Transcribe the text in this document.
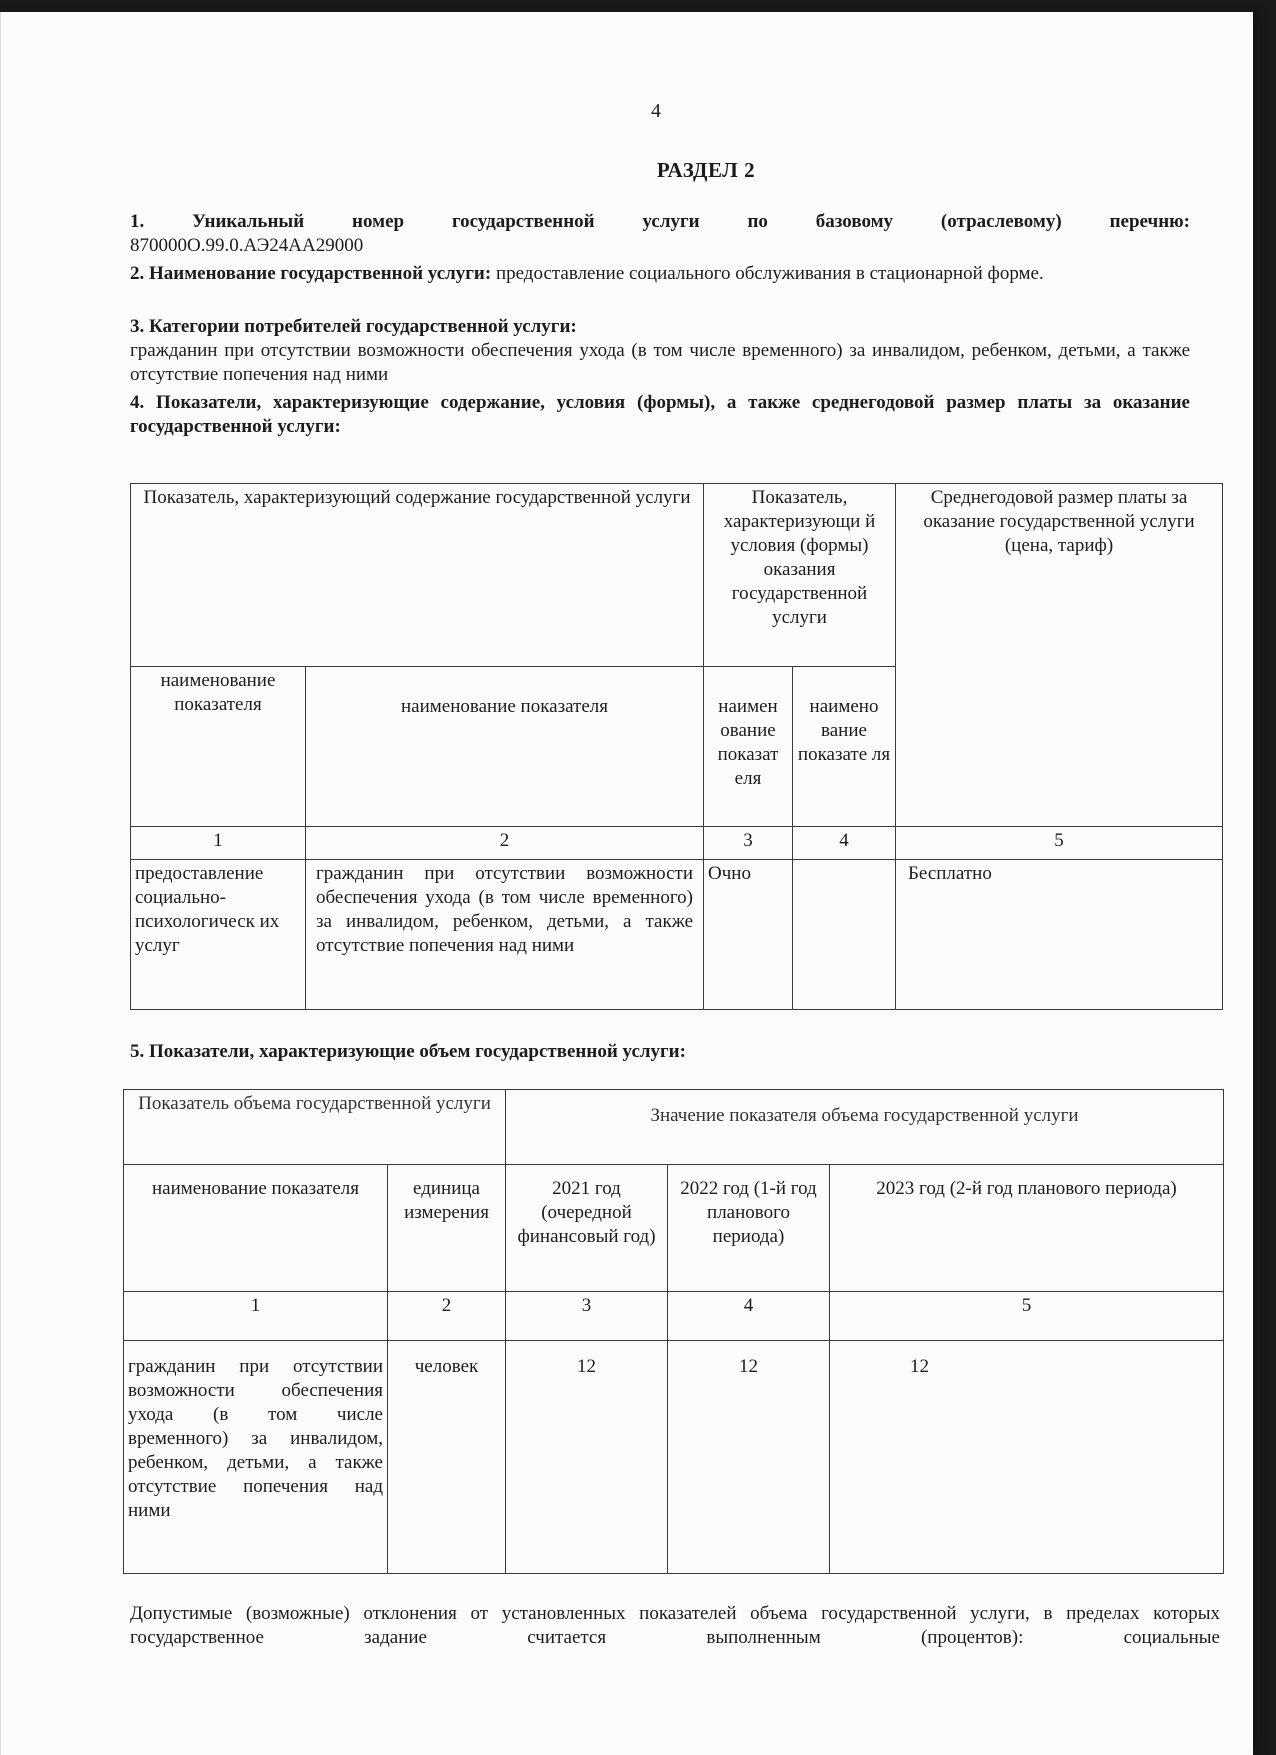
4
РАЗДЕЛ 2
1. Уникальный номер государственной услуги по базовому (отраслевому) перечню:
870000О.99.0.АЭ24АА29000
2. Наименование государственной услуги: предоставление социального обслуживания в стационарной форме.
3. Категории потребителей государственной услуги:
гражданин при отсутствии возможности обеспечения ухода (в том числе временного) за инвалидом, ребенком, детьми, а также отсутствие попечения над ними
4. Показатели, характеризующие содержание, условия (формы), а также среднегодовой размер платы за оказание государственной услуги:
Показатель, характеризующий содержание государственной услуги		Показатель, характеризующи й условия (формы) оказания государственной услуги		Среднегодовой размер платы за оказание государственной услуги (цена, тариф)
наименование показателя	наименование показателя	наимен ование показат еля	наимено вание показате ля	
1	2	3	4	5
предоставление социально-психологическ их услуг	гражданин при отсутствии возможности обеспечения ухода (в том числе временного) за инвалидом, ребенком, детьми, а также отсутствие попечения над ними	Очно		Бесплатно
5. Показатели, характеризующие объем государственной услуги:
Показатель объема государственной услуги		Значение показателя объема государственной услуги		
наименование показателя	единица измерения	2021 год (очередной финансовый год)	2022 год (1-й год планового периода)	2023 год (2-й год планового периода)
1	2	3	4	5
гражданин при отсутствии возможности обеспечения ухода (в том числе временного) за инвалидом, ребенком, детьми, а также отсутствие попечения над ними	человек	12	12	12
Допустимые (возможные) отклонения от установленных показателей объема государственной услуги, в пределах которых государственное задание считается выполненным (процентов): социальные
